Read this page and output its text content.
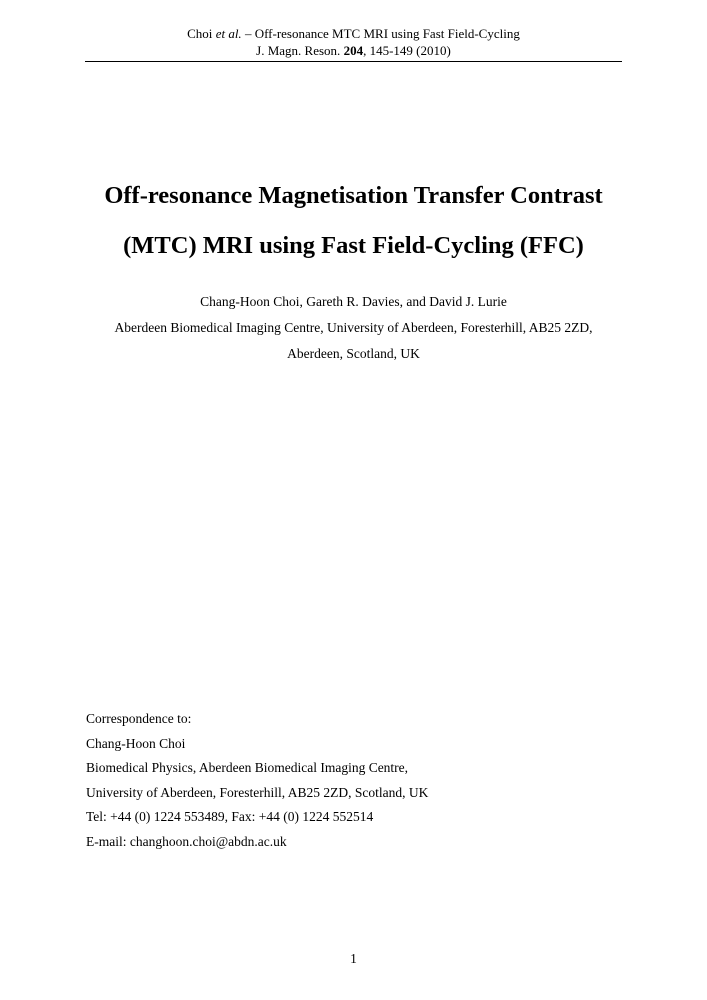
Choi et al. – Off-resonance MTC MRI using Fast Field-Cycling
J. Magn. Reson. 204, 145-149 (2010)
Off-resonance Magnetisation Transfer Contrast
(MTC) MRI using Fast Field-Cycling (FFC)
Chang-Hoon Choi, Gareth R. Davies, and David J. Lurie
Aberdeen Biomedical Imaging Centre, University of Aberdeen, Foresterhill, AB25 2ZD,
Aberdeen, Scotland, UK
Correspondence to:
Chang-Hoon Choi
Biomedical Physics, Aberdeen Biomedical Imaging Centre,
University of Aberdeen, Foresterhill, AB25 2ZD, Scotland, UK
Tel: +44 (0) 1224 553489, Fax: +44 (0) 1224 552514
E-mail: changhoon.choi@abdn.ac.uk
1
